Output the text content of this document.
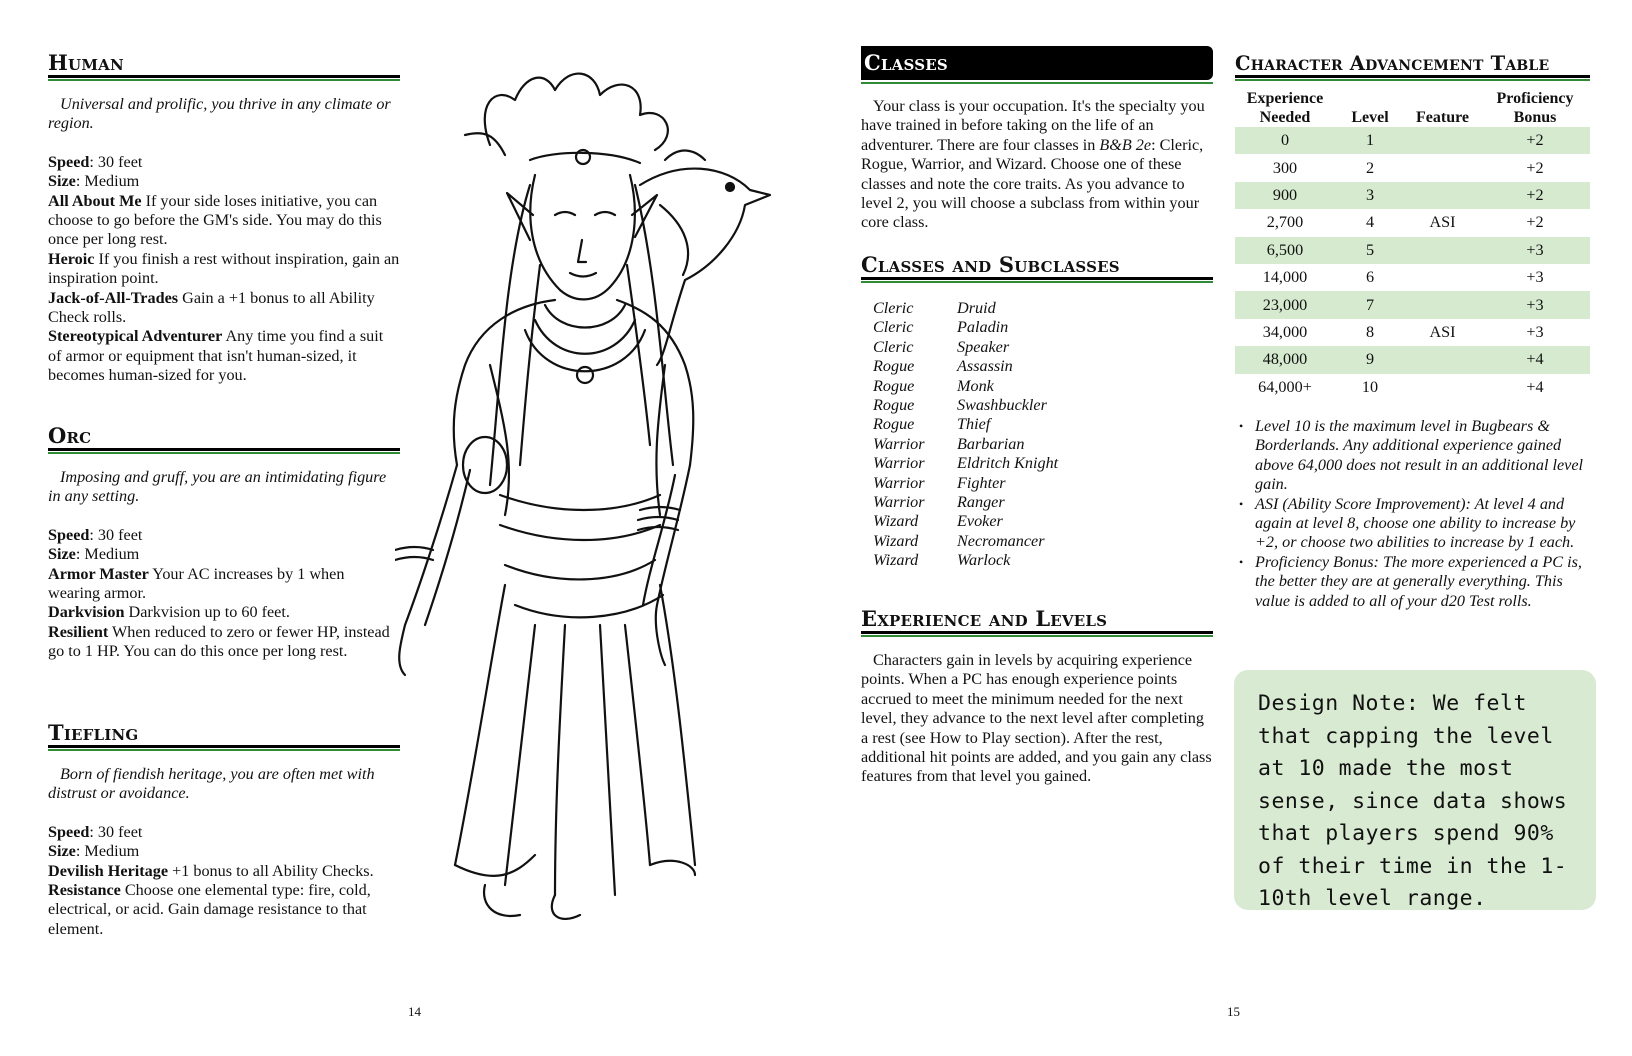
Human

Universal and prolific, you thrive in any climate or region.

Speed: 30 feet

Size: Medium

All About Me If your side loses initiative, you can choose to go before the GM's side. You may do this once per long rest.

Heroic If you finish a rest without inspiration, gain an inspiration point.

Jack-of-All-Trades Gain a +1 bonus to all Ability Check rolls.

Stereotypical Adventurer Any time you find a suit of armor or equipment that isn't human-sized, it becomes human-sized for you.

Orc

Imposing and gruff, you are an intimidating figure in any setting.

Speed: 30 feet

Size: Medium

Armor Master Your AC increases by 1 when wearing armor.

Darkvision Darkvision up to 60 feet.

Resilient When reduced to zero or fewer HP, instead go to 1 HP. You can do this once per long rest.

Tiefling

Born of fiendish heritage, you are often met with distrust or avoidance.

Speed: 30 feet

Size: Medium

Devilish Heritage +1 bonus to all Ability Checks.

Resistance Choose one elemental type: fire, cold, electrical, or acid. Gain damage resistance to that element.

14
Classes

Your class is your occupation. It's the specialty you have trained in before taking on the life of an adventurer. There are four classes in B&B 2e: Cleric, Rogue, Warrior, and Wizard. Choose one of these classes and note the core traits. As you advance to level 2, you will choose a subclass from within your core class.

Classes and Subclasses
Cleric	Druid
Cleric	Paladin
Cleric	Speaker
Rogue	Assassin
Rogue	Monk
Rogue	Swashbuckler
Rogue	Thief
Warrior	Barbarian
Warrior	Eldritch Knight
Warrior	Fighter
Warrior	Ranger
Wizard	Evoker
Wizard	Necromancer
Wizard	Warlock
Experience and Levels

Characters gain in levels by acquiring experience points. When a PC has enough experience points accrued to meet the minimum needed for the next level, they advance to the next level after completing a rest (see How to Play section). After the rest, additional hit points are added, and you gain any class features from that level you gained.

Character Advancement Table
Experience
Needed	Level	Feature	Proficiency
Bonus
0	1		+2
300	2		+2
900	3		+2
2,700	4	ASI	+2
6,500	5		+3
14,000	6		+3
23,000	7		+3
34,000	8	ASI	+3
48,000	9		+4
64,000+	10		+4
• Level 10 is the maximum level in Bugbears & Borderlands. Any additional experience gained above 64,000 does not result in an additional level gain.
• ASI (Ability Score Improvement): At level 4 and again at level 8, choose one ability to increase by +2, or choose two abilities to increase by 1 each.
• Proficiency Bonus: The more experienced a PC is, the better they are at generally everything. This value is added to all of your d20 Test rolls.
Design Note: We felt that capping the level at 10 made the most sense, since data shows that players spend 90% of their time in the 1-10th level range.
15
